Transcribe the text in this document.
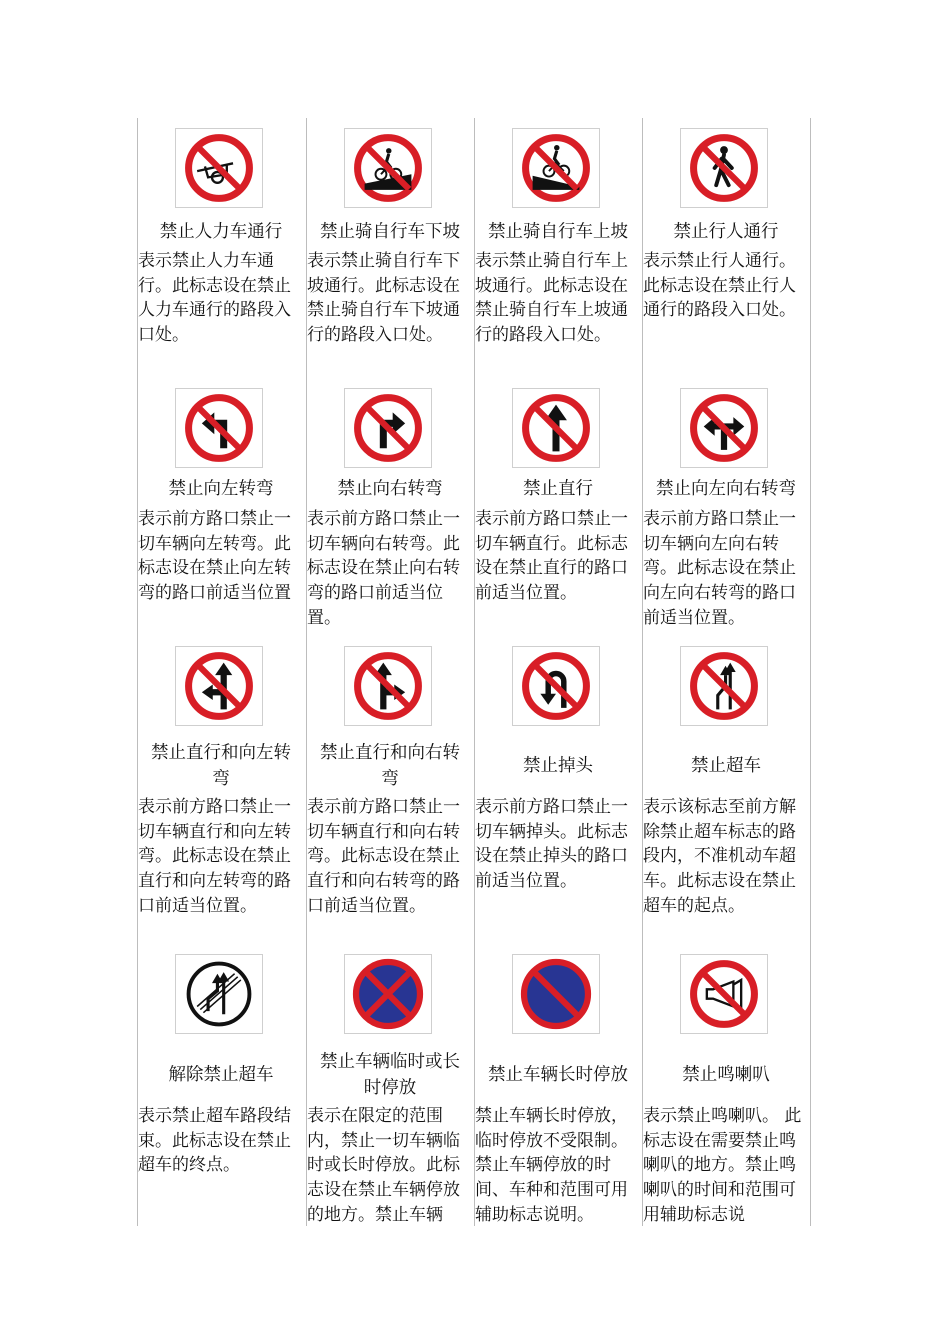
禁止人力车通行
表示禁止人力车通行。此标志设在禁止人力车通行的路段入口处。
禁止骑自行车下坡
表示禁止骑自行车下坡通行。此标志设在禁止骑自行车下坡通行的路段入口处。
禁止骑自行车上坡
表示禁止骑自行车上坡通行。此标志设在禁止骑自行车上坡通行的路段入口处。
禁止行人通行
表示禁止行人通行。此标志设在禁止行人通行的路段入口处。
禁止向左转弯
表示前方路口禁止一切车辆向左转弯。此标志设在禁止向左转弯的路口前适当位置
禁止向右转弯
表示前方路口禁止一切车辆向右转弯。此标志设在禁止向右转弯的路口前适当位置。
禁止直行
表示前方路口禁止一切车辆直行。此标志设在禁止直行的路口前适当位置。
禁止向左向右转弯
表示前方路口禁止一切车辆向左向右转弯。此标志设在禁止向左向右转弯的路口前适当位置。
禁止直行和向左转弯
表示前方路口禁止一切车辆直行和向左转弯。此标志设在禁止直行和向左转弯的路口前适当位置。
禁止直行和向右转弯
表示前方路口禁止一切车辆直行和向右转弯。此标志设在禁止直行和向右转弯的路口前适当位置。
禁止掉头
表示前方路口禁止一切车辆掉头。此标志设在禁止掉头的路口前适当位置。
禁止超车
表示该标志至前方解除禁止超车标志的路段内，不准机动车超车。此标志设在禁止超车的起点。
解除禁止超车
表示禁止超车路段结束。此标志设在禁止超车的终点。
禁止车辆临时或长时停放
表示在限定的范围内，禁止一切车辆临时或长时停放。此标志设在禁止车辆停放的地方。禁止车辆
禁止车辆长时停放
禁止车辆长时停放，临时停放不受限制。禁止车辆停放的时间、车种和范围可用辅助标志说明。
禁止鸣喇叭
表示禁止鸣喇叭。 此标志设在需要禁止鸣喇叭的地方。禁止鸣喇叭的时间和范围可用辅助标志说
